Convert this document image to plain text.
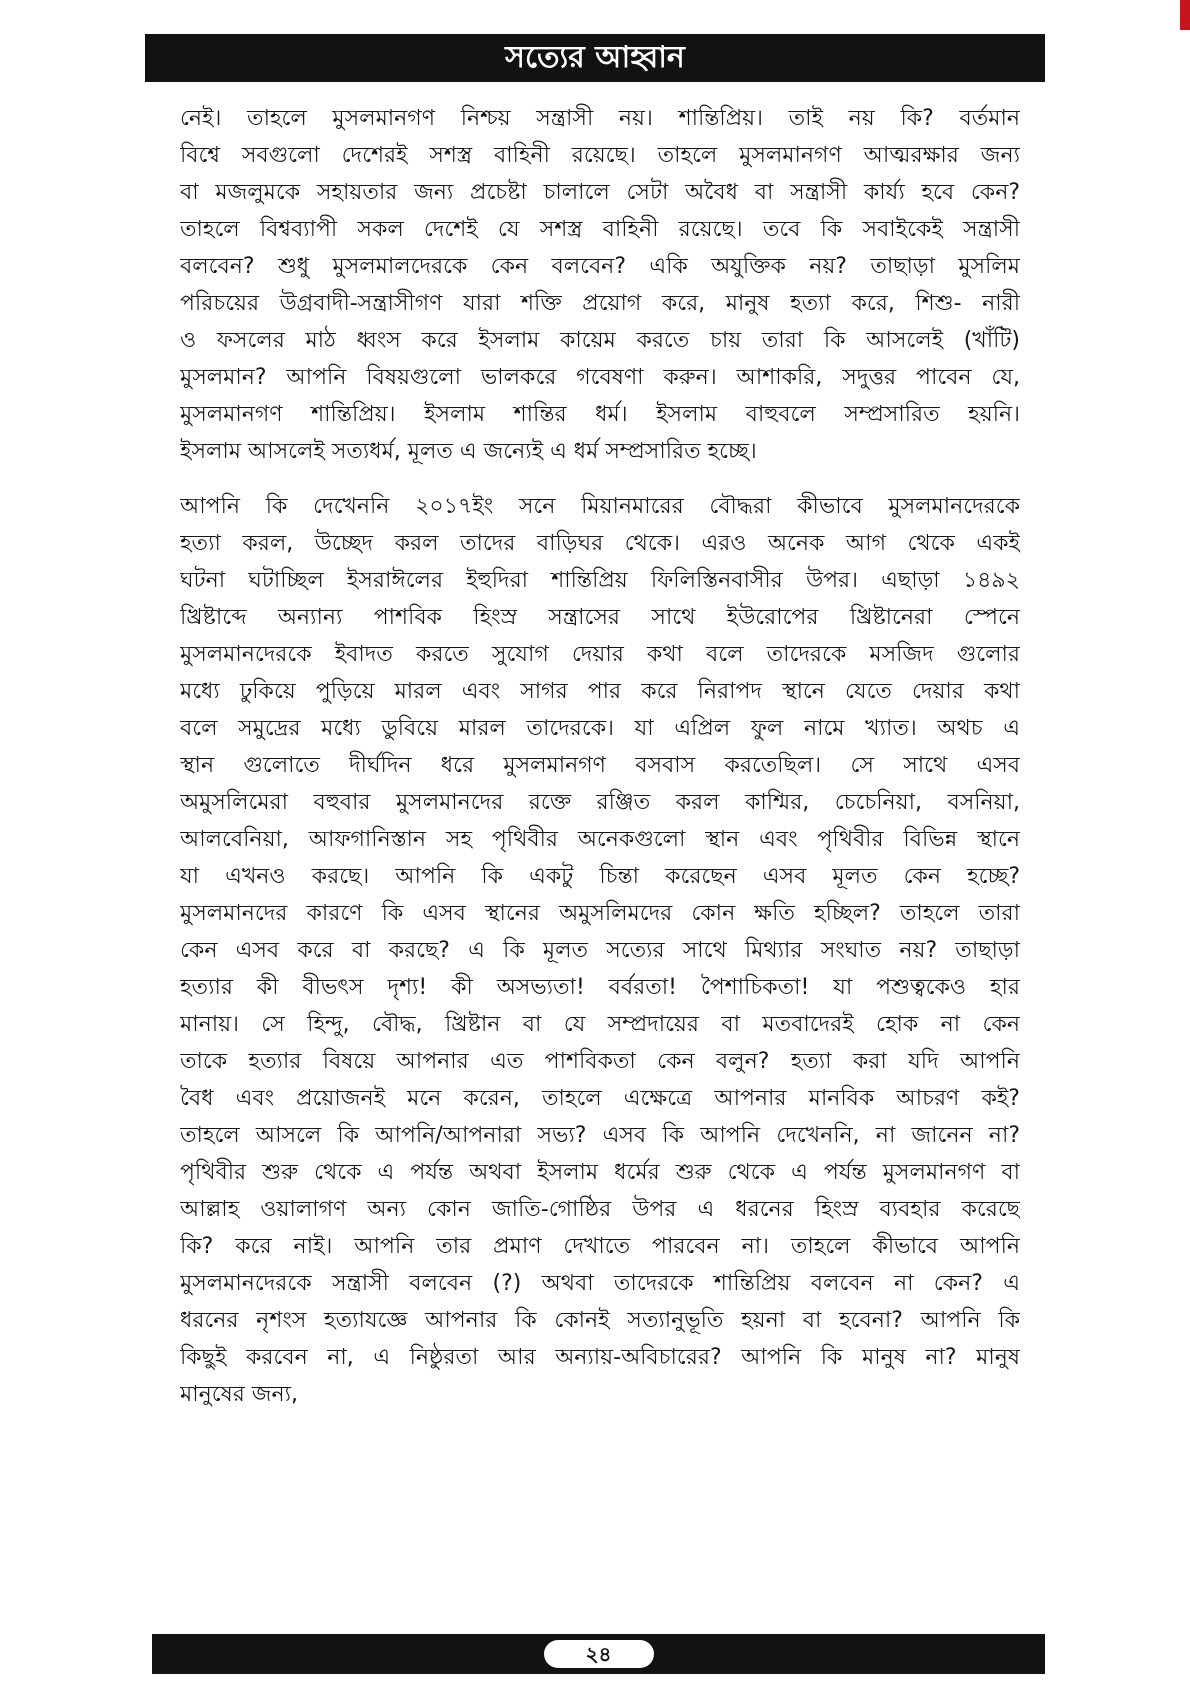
সত্যের আহ্বান
নেই। তাহলে মুসলমানগণ নিশ্চয় সন্ত্রাসী নয়। শান্তিপ্রিয়। তাই নয় কি? বর্তমান
বিশ্বে সবগুলো দেশেরই সশস্ত্র বাহিনী রয়েছে। তাহলে মুসলমানগণ আত্মরক্ষার জন্য
বা মজলুমকে সহায়তার জন্য প্রচেষ্টা চালালে সেটা অবৈধ বা সন্ত্রাসী কার্য্য হবে কেন?
তাহলে বিশ্বব্যাপী সকল দেশেই যে সশস্ত্র বাহিনী রয়েছে। তবে কি সবাইকেই সন্ত্রাসী
বলবেন? শুধু মুসলমালদেরকে কেন বলবেন? একি অযুক্তিক নয়? তাছাড়া মুসলিম
পরিচয়ের উগ্রবাদী-সন্ত্রাসীগণ যারা শক্তি প্রয়োগ করে, মানুষ হত্যা করে, শিশু- নারী
ও ফসলের মাঠ ধ্বংস করে ইসলাম কায়েম করতে চায় তারা কি আসলেই (খাঁটি)
মুসলমান? আপনি বিষয়গুলো ভালকরে গবেষণা করুন। আশাকরি, সদুত্তর পাবেন যে,
মুসলমানগণ শান্তিপ্রিয়। ইসলাম শান্তির ধর্ম। ইসলাম বাহুবলে সম্প্রসারিত হয়নি।
ইসলাম আসলেই সত্যধর্ম, মূলত এ জন্যেই এ ধর্ম সম্প্রসারিত হচ্ছে।
আপনি কি দেখেননি ২০১৭ইং সনে মিয়ানমারের বৌদ্ধরা কীভাবে মুসলমানদেরকে
হত্যা করল, উচ্ছেদ করল তাদের বাড়িঘর থেকে। এরও অনেক আগ থেকে একই
ঘটনা ঘটাচ্ছিল ইসরাঈলের ইহুদিরা শান্তিপ্রিয় ফিলিস্তিনবাসীর উপর। এছাড়া ১৪৯২
খ্রিষ্টাব্দে অন্যান্য পাশবিক হিংস্র সন্ত্রাসের সাথে ইউরোপের খ্রিষ্টানেরা স্পেনে
মুসলমানদেরকে ইবাদত করতে সুযোগ দেয়ার কথা বলে তাদেরকে মসজিদ গুলোর
মধ্যে ঢুকিয়ে পুড়িয়ে মারল এবং সাগর পার করে নিরাপদ স্থানে যেতে দেয়ার কথা
বলে সমুদ্রের মধ্যে ডুবিয়ে মারল তাদেরকে। যা এপ্রিল ফুল নামে খ্যাত। অথচ এ
স্থান গুলোতে দীর্ঘদিন ধরে মুসলমানগণ বসবাস করতেছিল। সে সাথে এসব
অমুসলিমেরা বহুবার মুসলমানদের রক্তে রঞ্জিত করল কাশ্মির, চেচেনিয়া, বসনিয়া,
আলবেনিয়া, আফগানিস্তান সহ পৃথিবীর অনেকগুলো স্থান এবং পৃথিবীর বিভিন্ন স্থানে
যা এখনও করছে। আপনি কি একটু চিন্তা করেছেন এসব মূলত কেন হচ্ছে?
মুসলমানদের কারণে কি এসব স্থানের অমুসলিমদের কোন ক্ষতি হচ্ছিল? তাহলে তারা
কেন এসব করে বা করছে? এ কি মূলত সত্যের সাথে মিথ্যার সংঘাত নয়? তাছাড়া
হত্যার কী বীভৎস দৃশ্য! কী অসভ্যতা! বর্বরতা! পৈশাচিকতা! যা পশুত্বকেও হার
মানায়। সে হিন্দু, বৌদ্ধ, খ্রিষ্টান বা যে সম্প্রদায়ের বা মতবাদেরই হোক না কেন
তাকে হত্যার বিষয়ে আপনার এত পাশবিকতা কেন বলুন? হত্যা করা যদি আপনি
বৈধ এবং প্রয়োজনই মনে করেন, তাহলে এক্ষেত্রে আপনার মানবিক আচরণ কই?
তাহলে আসলে কি আপনি/আপনারা সভ্য? এসব কি আপনি দেখেননি, না জানেন না?
পৃথিবীর শুরু থেকে এ পর্যন্ত অথবা ইসলাম ধর্মের শুরু থেকে এ পর্যন্ত মুসলমানগণ বা
আল্লাহ ওয়ালাগণ অন্য কোন জাতি-গোষ্ঠির উপর এ ধরনের হিংস্র ব্যবহার করেছে
কি? করে নাই। আপনি তার প্রমাণ দেখাতে পারবেন না। তাহলে কীভাবে আপনি
মুসলমানদেরকে সন্ত্রাসী বলবেন (?) অথবা তাদেরকে শান্তিপ্রিয় বলবেন না কেন? এ
ধরনের নৃশংস হত্যাযজ্ঞে আপনার কি কোনই সত্যানুভূতি হয়না বা হবেনা? আপনি কি
কিছুই করবেন না, এ নিষ্ঠুরতা আর অন্যায়-অবিচারের? আপনি কি মানুষ না? মানুষ
মানুষের জন্য,
২৪
